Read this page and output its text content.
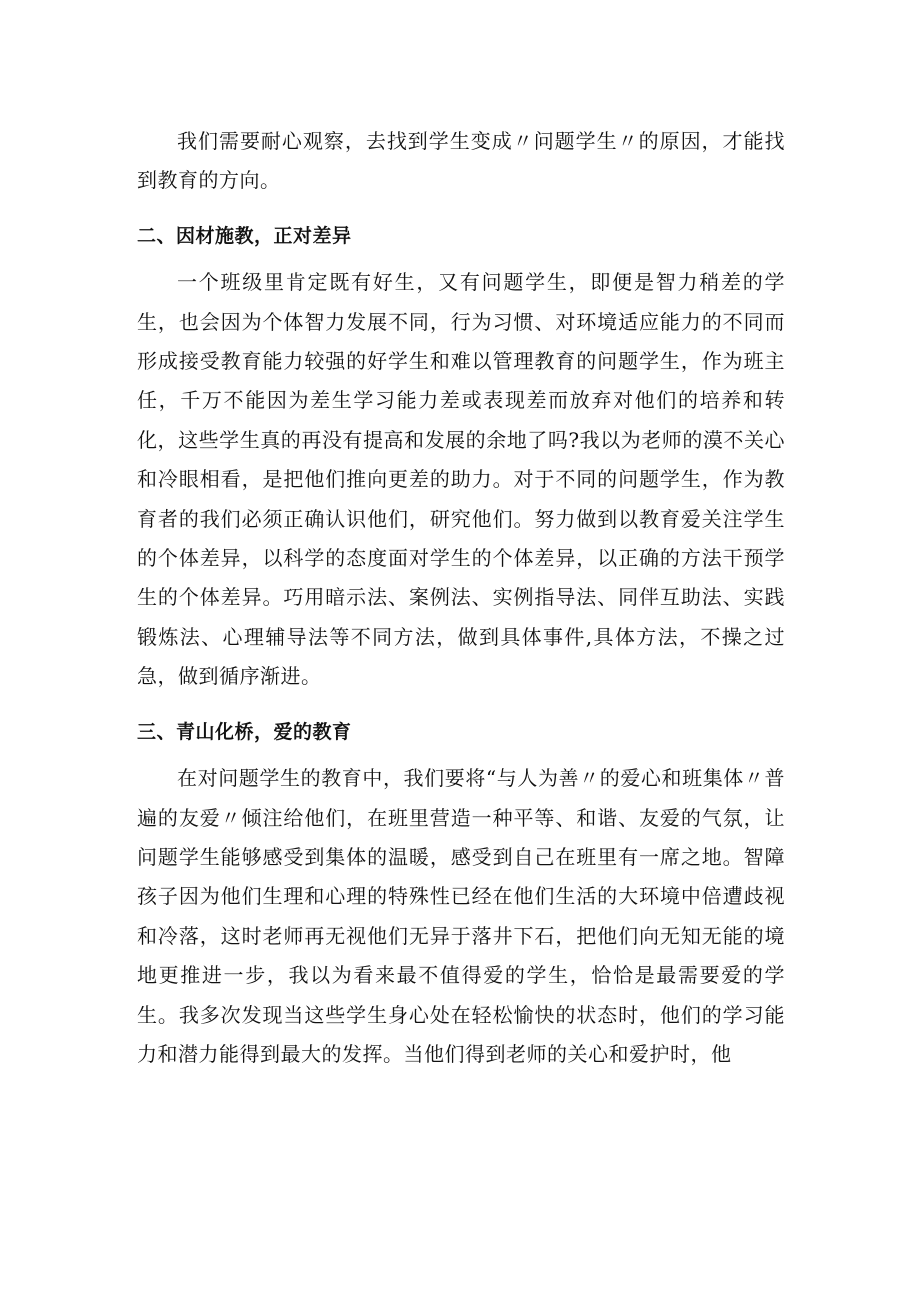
我们需要耐心观察，去找到学生变成〃问题学生〃的原因，才能找到教育的方向。

二、因材施教，正对差异

一个班级里肯定既有好生，又有问题学生，即便是智力稍差的学生，也会因为个体智力发展不同，行为习惯、对环境适应能力的不同而形成接受教育能力较强的好学生和难以管理教育的问题学生，作为班主任，千万不能因为差生学习能力差或表现差而放弃对他们的培养和转化，这些学生真的再没有提高和发展的余地了吗?我以为老师的漠不关心和冷眼相看，是把他们推向更差的助力。对于不同的问题学生，作为教育者的我们必须正确认识他们，研究他们。努力做到以教育爱关注学生的个体差异，以科学的态度面对学生的个体差异，以正确的方法干预学生的个体差异。巧用暗示法、案例法、实例指导法、同伴互助法、实践锻炼法、心理辅导法等不同方法，做到具体事件,具体方法，不操之过急，做到循序渐进。

三、青山化桥，爱的教育

在对问题学生的教育中，我们要将“与人为善〃的爱心和班集体〃普遍的友爱〃倾注给他们，在班里营造一种平等、和谐、友爱的气氛，让问题学生能够感受到集体的温暖，感受到自己在班里有一席之地。智障孩子因为他们生理和心理的特殊性已经在他们生活的大环境中倍遭歧视和冷落，这时老师再无视他们无异于落井下石，把他们向无知无能的境地更推进一步，我以为看来最不值得爱的学生，恰恰是最需要爱的学生。我多次发现当这些学生身心处在轻松愉快的状态时，他们的学习能力和潜力能得到最大的发挥。当他们得到老师的关心和爱护时，他
